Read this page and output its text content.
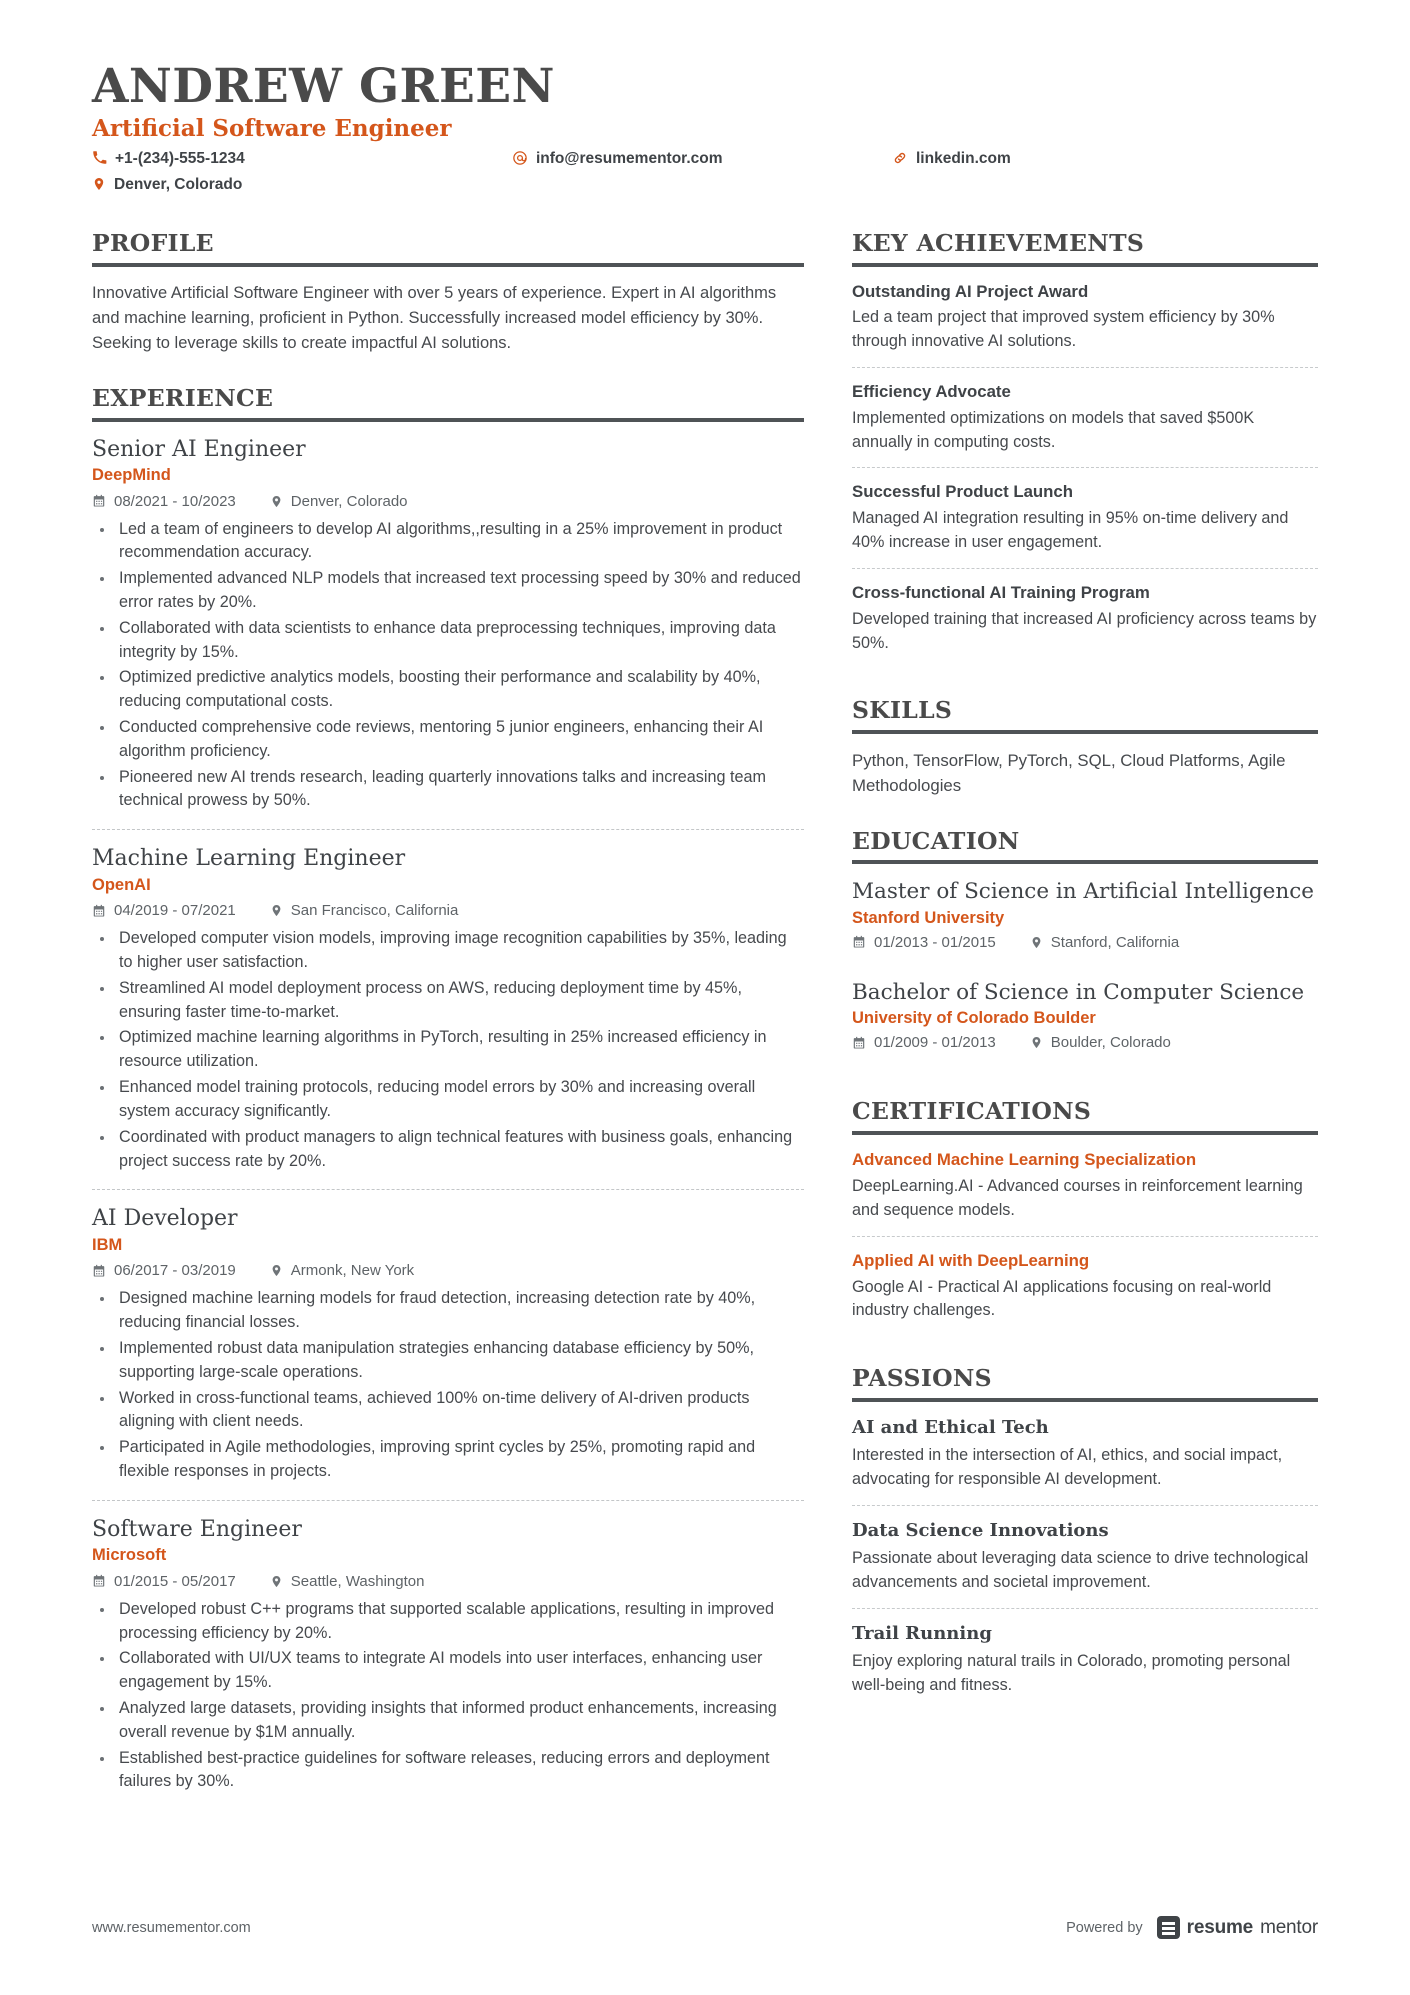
ANDREW GREEN
Artificial Software Engineer
+1-(234)-555-1234	info@resumementor.com	linkedin.com
Denver, Colorado
PROFILE
Innovative Artificial Software Engineer with over 5 years of experience. Expert in AI algorithms and machine learning, proficient in Python. Successfully increased model efficiency by 30%. Seeking to leverage skills to create impactful AI solutions.
EXPERIENCE
Senior AI Engineer
DeepMind
08/2021 - 10/2023	Denver, Colorado
Led a team of engineers to develop AI algorithms,,resulting in a 25% improvement in product recommendation accuracy.
Implemented advanced NLP models that increased text processing speed by 30% and reduced error rates by 20%.
Collaborated with data scientists to enhance data preprocessing techniques, improving data integrity by 15%.
Optimized predictive analytics models, boosting their performance and scalability by 40%, reducing computational costs.
Conducted comprehensive code reviews, mentoring 5 junior engineers, enhancing their AI algorithm proficiency.
Pioneered new AI trends research, leading quarterly innovations talks and increasing team technical prowess by 50%.
Machine Learning Engineer
OpenAI
04/2019 - 07/2021	San Francisco, California
Developed computer vision models, improving image recognition capabilities by 35%, leading to higher user satisfaction.
Streamlined AI model deployment process on AWS, reducing deployment time by 45%, ensuring faster time-to-market.
Optimized machine learning algorithms in PyTorch, resulting in 25% increased efficiency in resource utilization.
Enhanced model training protocols, reducing model errors by 30% and increasing overall system accuracy significantly.
Coordinated with product managers to align technical features with business goals, enhancing project success rate by 20%.
AI Developer
IBM
06/2017 - 03/2019	Armonk, New York
Designed machine learning models for fraud detection, increasing detection rate by 40%, reducing financial losses.
Implemented robust data manipulation strategies enhancing database efficiency by 50%, supporting large-scale operations.
Worked in cross-functional teams, achieved 100% on-time delivery of AI-driven products aligning with client needs.
Participated in Agile methodologies, improving sprint cycles by 25%, promoting rapid and flexible responses in projects.
Software Engineer
Microsoft
01/2015 - 05/2017	Seattle, Washington
Developed robust C++ programs that supported scalable applications, resulting in improved processing efficiency by 20%.
Collaborated with UI/UX teams to integrate AI models into user interfaces, enhancing user engagement by 15%.
Analyzed large datasets, providing insights that informed product enhancements, increasing overall revenue by $1M annually.
Established best-practice guidelines for software releases, reducing errors and deployment failures by 30%.
KEY ACHIEVEMENTS
Outstanding AI Project Award
Led a team project that improved system efficiency by 30% through innovative AI solutions.
Efficiency Advocate
Implemented optimizations on models that saved $500K annually in computing costs.
Successful Product Launch
Managed AI integration resulting in 95% on-time delivery and 40% increase in user engagement.
Cross-functional AI Training Program
Developed training that increased AI proficiency across teams by 50%.
SKILLS
Python, TensorFlow, PyTorch, SQL, Cloud Platforms, Agile Methodologies
EDUCATION
Master of Science in Artificial Intelligence
Stanford University
01/2013 - 01/2015	Stanford, California
Bachelor of Science in Computer Science
University of Colorado Boulder
01/2009 - 01/2013	Boulder, Colorado
CERTIFICATIONS
Advanced Machine Learning Specialization
DeepLearning.AI - Advanced courses in reinforcement learning and sequence models.
Applied AI with DeepLearning
Google AI - Practical AI applications focusing on real-world industry challenges.
PASSIONS
AI and Ethical Tech
Interested in the intersection of AI, ethics, and social impact, advocating for responsible AI development.
Data Science Innovations
Passionate about leveraging data science to drive technological advancements and societal improvement.
Trail Running
Enjoy exploring natural trails in Colorado, promoting personal well-being and fitness.
www.resumementor.com	Powered by resume mentor
